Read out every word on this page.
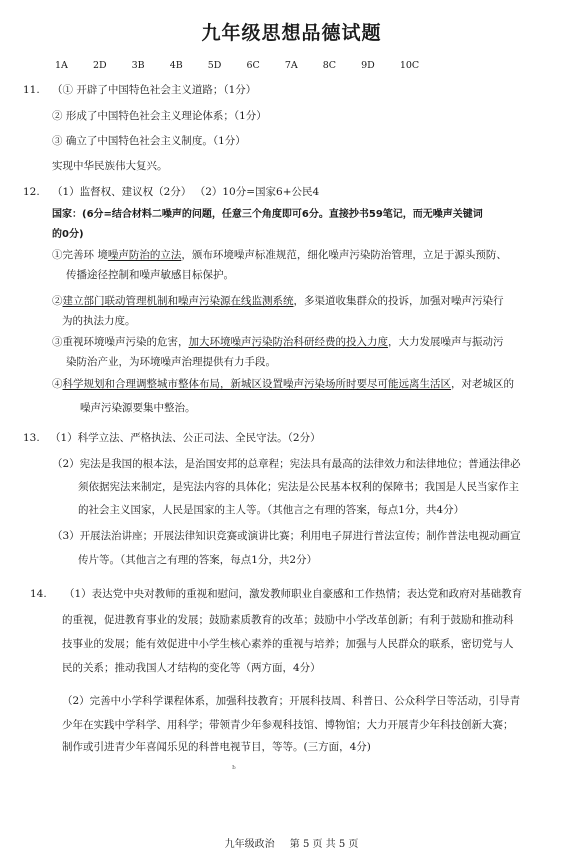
九年级思想品德试题
1A	2D	3B	4B	5D	6C	7A	8C	9D	10C
11. （① 开辟了中国特色社会主义道路；（1分）
② 形成了中国特色社会主义理论体系；（1分）
③ 确立了中国特色社会主义制度。（1分）
实现中华民族伟大复兴。
12. （1）监督权、建议权（2分） （2）10分=国家6+公民4
国家：(6分=结合材料二噪声的问题，任意三个角度即可6分。直接抄书59笔记，而无噪声关键词
的0分)
①完善环 境噪声防治的立法，颁布环境噪声标准规范，细化噪声污染防治管理，立足于源头预防、
传播途径控制和噪声敏感目标保护。
②建立部门联动管理机制和噪声污染源在线监测系统，多渠道收集群众的投诉，加强对噪声污染行
为的执法力度。
③重视环境噪声污染的危害，加大环境噪声污染防治科研经费的投入力度，大力发展噪声与振动污
染防治产业，为环境噪声治理提供有力手段。
④科学规划和合理调整城市整体布局，新城区设置噪声污染场所时要尽可能远离生活区，对老城区的
噪声污染源要集中整治。
13. （1）科学立法、严格执法、公正司法、全民守法。（2分）
（2）宪法是我国的根本法，是治国安邦的总章程；宪法具有最高的法律效力和法律地位；普通法律必
须依据宪法来制定，是宪法内容的具体化；宪法是公民基本权利的保障书；我国是人民当家作主
的社会主义国家，人民是国家的主人等。（其他言之有理的答案，每点1分，共4分）
（3）开展法治讲座；开展法律知识竞赛或演讲比赛；利用电子屏进行普法宣传；制作普法电视动画宣
传片等。（其他言之有理的答案，每点1分，共2分）
14. （1）表达党中央对教师的重视和慰问，激发教师职业自豪感和工作热情；表达党和政府对基础教育
的重视，促进教育事业的发展；鼓励素质教育的改革；鼓励中小学改革创新；有利于鼓励和推动科
技事业的发展；能有效促进中小学生核心素养的重视与培养；加强与人民群众的联系，密切党与人
民的关系；推动我国人才结构的变化等（两方面，4分）
（2）完善中小学科学课程体系，加强科技教育；开展科技周、科普日、公众科学日等活动，引导青
少年在实践中学科学、用科学；带领青少年参观科技馆、博物馆；大力开展青少年科技创新大赛；
制作或引进青少年喜闻乐见的科普电视节目，等等。(三方面，4分)
ь
九年级政治 第 5 页 共 5 页
